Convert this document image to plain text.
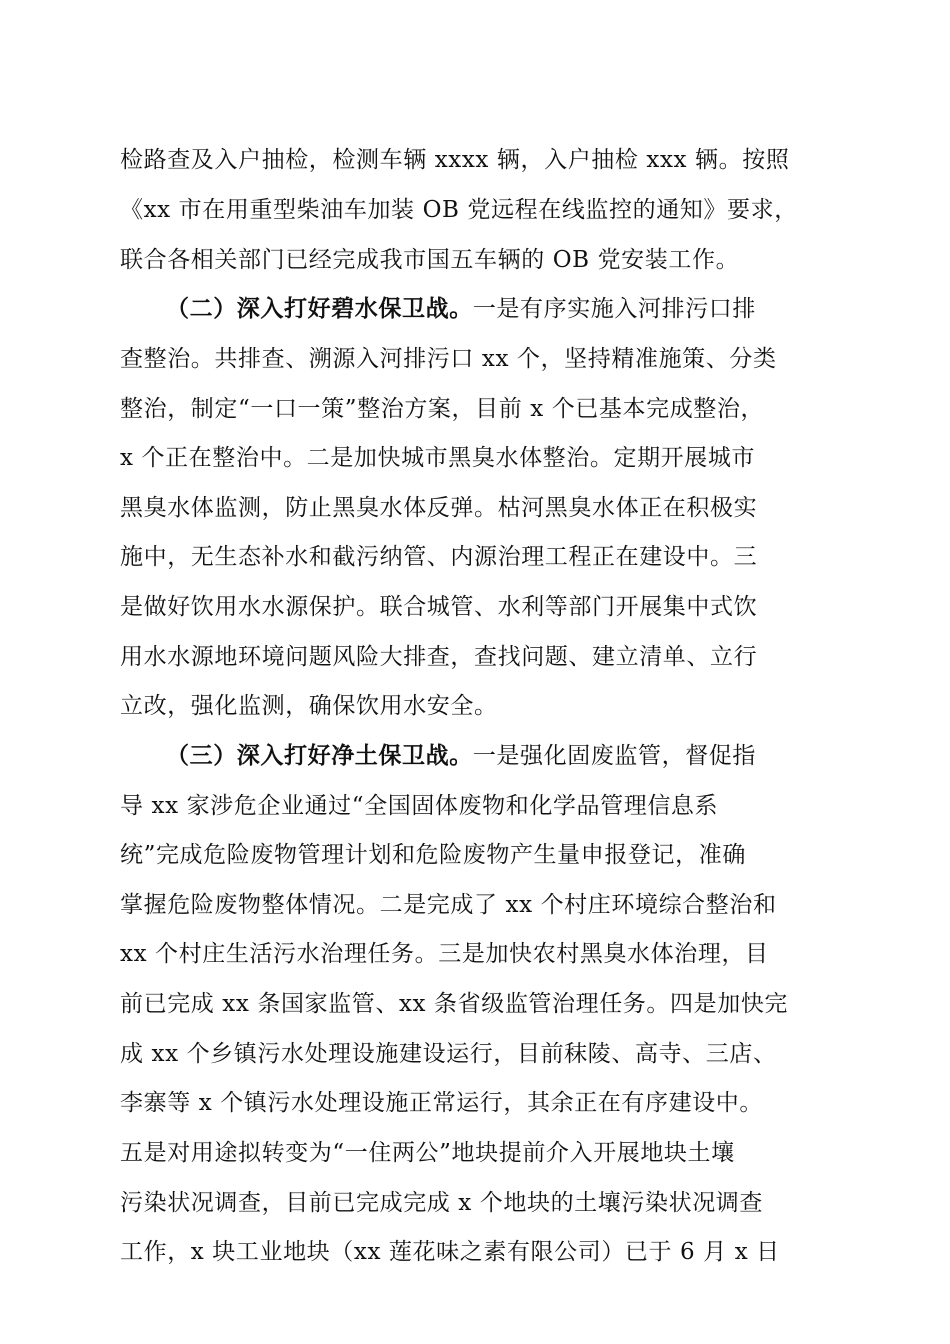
检路查及入户抽检，检测车辆 xxxx 辆，入户抽检 xxx 辆。按照
《xx 市在用重型柴油车加装 OB 党远程在线监控的通知》要求，
联合各相关部门已经完成我市国五车辆的 OB 党安装工作。
（二）深入打好碧水保卫战。一是有序实施入河排污口排
查整治。共排查、溯源入河排污口 xx 个，坚持精准施策、分类
整治，制定“一口一策”整治方案，目前 x 个已基本完成整治，
x 个正在整治中。二是加快城市黑臭水体整治。定期开展城市
黑臭水体监测，防止黑臭水体反弹。枯河黑臭水体正在积极实
施中，无生态补水和截污纳管、内源治理工程正在建设中。三
是做好饮用水水源保护。联合城管、水利等部门开展集中式饮
用水水源地环境问题风险大排查，查找问题、建立清单、立行
立改，强化监测，确保饮用水安全。
（三）深入打好净土保卫战。一是强化固废监管，督促指
导 xx 家涉危企业通过“全国固体废物和化学品管理信息系
统”完成危险废物管理计划和危险废物产生量申报登记，准确
掌握危险废物整体情况。二是完成了 xx 个村庄环境综合整治和
xx 个村庄生活污水治理任务。三是加快农村黑臭水体治理，目
前已完成 xx 条国家监管、xx 条省级监管治理任务。四是加快完
成 xx 个乡镇污水处理设施建设运行，目前秣陵、高寺、三店、
李寨等 x 个镇污水处理设施正常运行，其余正在有序建设中。
五是对用途拟转变为“一住两公”地块提前介入开展地块土壤
污染状况调查，目前已完成完成 x 个地块的土壤污染状况调查
工作，x 块工业地块（xx 莲花味之素有限公司）已于 6 月 x 日
